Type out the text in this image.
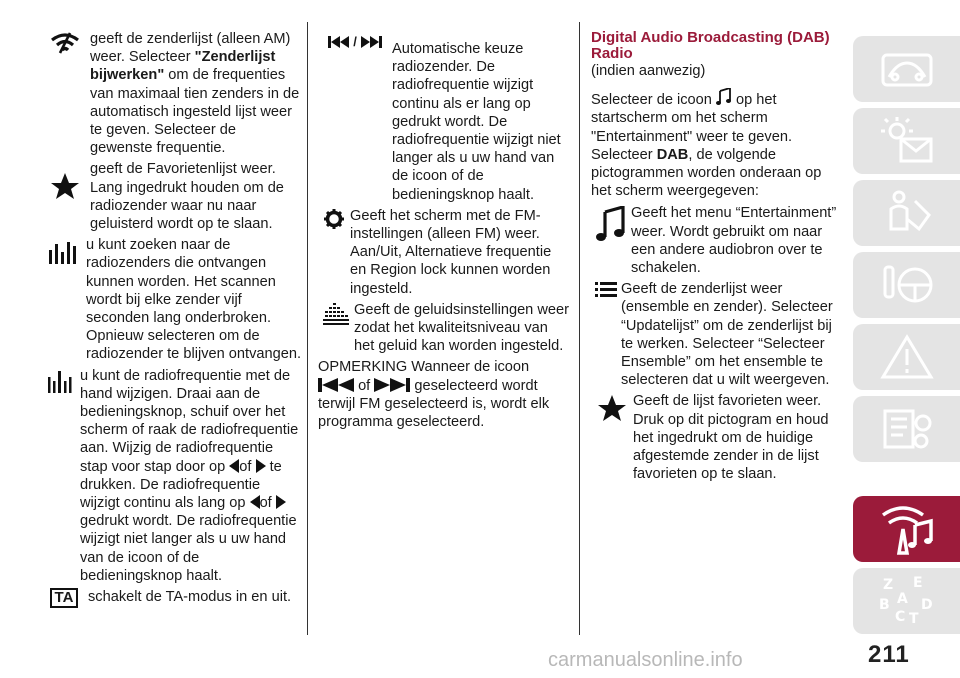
geeft de zenderlijst (alleen AM) weer. Selecteer "Zenderlijst bijwerken" om de frequenties van maximaal tien zenders in de automatisch ingesteld lijst weer te geven. Selecteer de gewenste frequentie.
geeft de Favorietenlijst weer. Lang ingedrukt houden om de radiozender waar nu naar geluisterd wordt op te slaan.
u kunt zoeken naar de radiozenders die ontvangen kunnen worden. Het scannen wordt bij elke zender vijf seconden lang onderbroken. Opnieuw selecteren om de radiozender te blijven ontvangen.
u kunt de radiofrequentie met de hand wijzigen. Draai aan de bedieningsknop, schuif over het scherm of raak de radiofrequentie aan. Wijzig de radiofrequentie stap voor stap door op of te drukken. De radiofrequentie wijzigt continu als lang op of  gedrukt wordt. De radiofrequentie wijzigt niet langer als u uw hand van de icoon of de bedieningsknop haalt.
TA schakelt de TA-modus in en uit.
/ Automatische keuze radiozender. De radiofrequentie wijzigt continu als er lang op gedrukt wordt. De radiofrequentie wijzigt niet langer als u uw hand van de icoon of de bedieningsknop haalt.
Geeft het scherm met de FM-instellingen (alleen FM) weer. Aan/Uit, Alternatieve frequentie en Region lock kunnen worden ingesteld.
Geeft de geluidsinstellingen weer zodat het kwaliteitsniveau van het geluid kan worden ingesteld.
OPMERKING Wanneer de icoon
of	geselecteerd wordt terwijl FM geselecteerd is, wordt elk programma geselecteerd.
Digital Audio Broadcasting (DAB) Radio
(indien aanwezig)
Selecteer de icoon op het startscherm om het scherm "Entertainment" weer te geven. Selecteer DAB, de volgende pictogrammen worden onderaan op het scherm weergegeven:
Geeft het menu “Entertainment” weer. Wordt gebruikt om naar een andere audiobron over te schakelen.
Geeft de zenderlijst weer (ensemble en zender). Selecteer “Updatelijst” om de zenderlijst bij te werken. Selecteer “Selecteer Ensemble” om het ensemble te selecteren dat u wilt weergeven.
Geeft de lijst favorieten weer. Druk op dit pictogram en houd het ingedrukt om de huidige afgestemde zender in de lijst favorieten op te slaan.
Z E
A
B D
C T
211
carmanualsonline.info
